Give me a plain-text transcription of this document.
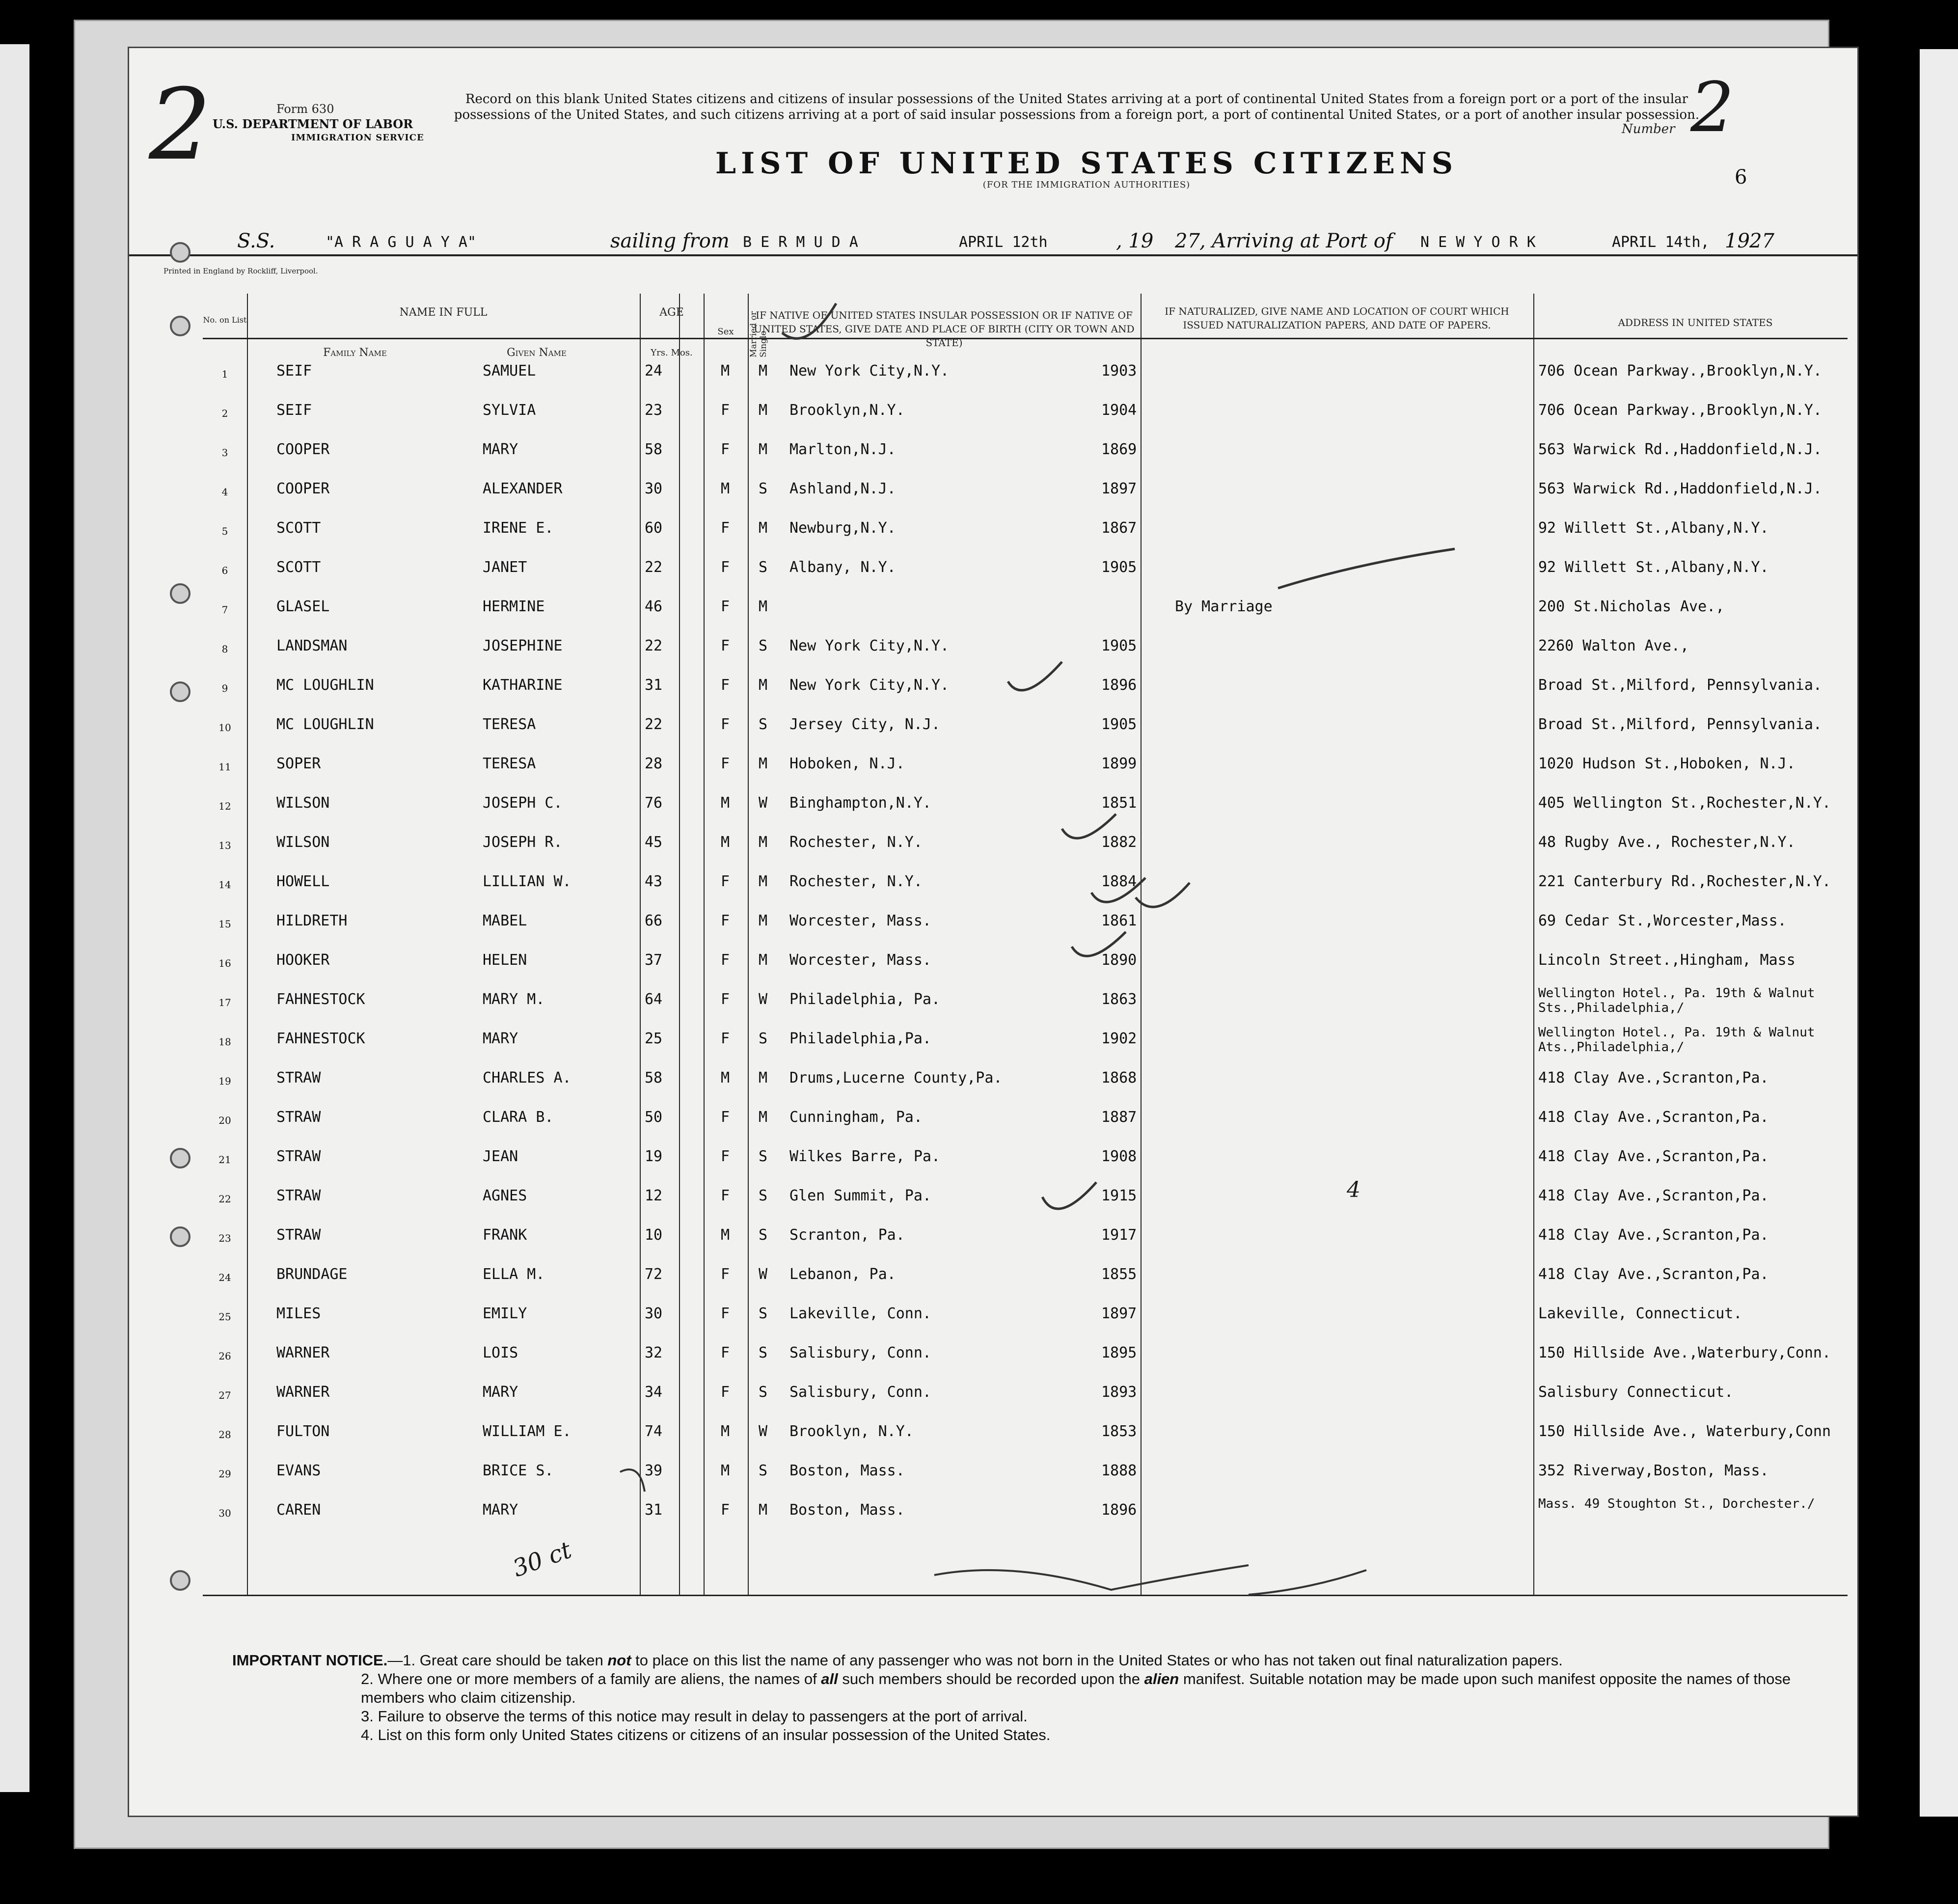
Form 630
U.S. DEPARTMENT OF LABOR
IMMIGRATION SERVICE
2	Record on this blank United States citizens and citizens of insular possessions of the United States arriving at a port of continental United States from a foreign port or a port of the insular possessions of the United States, and such citizens arriving at a port of said insular possessions from a foreign port, a port of continental United States, or a port of another insular possession.
LIST OF UNITED STATES CITIZENS
(FOR THE IMMIGRATION AUTHORITIES)
Number 2
6
S.S.	"A R A G U A Y A"	sailing from B E R M U D A	APRIL 12th	, 19 27 , Arriving at Port of N E W Y O R K	APRIL 14th, 19 27
Printed in England by Rockliff, Liverpool.
No. on List
NAME IN FULL
Family Name	Given Name
AGE
Yrs. Mos.
Sex	Married or Single
IF NATIVE OF UNITED STATES INSULAR POSSESSION OR IF NATIVE OF UNITED STATES, GIVE DATE AND PLACE OF BIRTH (CITY OR TOWN AND STATE)
IF NATURALIZED, GIVE NAME AND LOCATION OF COURT WHICH ISSUED NATURALIZATION PAPERS, AND DATE OF PAPERS.	ADDRESS IN UNITED STATES
1	SEIF	SAMUEL	24	M M New York City,N.Y.	1903	706 Ocean Parkway.,Brooklyn,N.Y.
2	SEIF	SYLVIA	23	F M Brooklyn,N.Y.	1904	706 Ocean Parkway.,Brooklyn,N.Y.
3	COOPER	MARY	58	F M Marlton,N.J.	1869	563 Warwick Rd.,Haddonfield,N.J.
4	COOPER	ALEXANDER	30	M S Ashland,N.J.	1897	563 Warwick Rd.,Haddonfield,N.J.
5	SCOTT	IRENE E.	60	F M Newburg,N.Y.	1867	92 Willett St.,Albany,N.Y.
6	SCOTT	JANET	22	F S Albany, N.Y.	1905	92 Willett St.,Albany,N.Y.
7	GLASEL	HERMINE	46	F M	By Marriage	200 St.Nicholas Ave.,
8	LANDSMAN	JOSEPHINE	22	F S New York City,N.Y.	1905	2260 Walton Ave.,
9	MC LOUGHLIN	KATHARINE	31	F M New York City,N.Y.	1896	Broad St.,Milford, Pennsylvania.
10	MC LOUGHLIN	TERESA	22	F S Jersey City, N.J.	1905	Broad St.,Milford, Pennsylvania.
11	SOPER	TERESA	28	F M Hoboken, N.J.	1899	1020 Hudson St.,Hoboken, N.J.
12	WILSON	JOSEPH C.	76	M W Binghampton,N.Y.	1851	405 Wellington St.,Rochester,N.Y.
13	WILSON	JOSEPH R.	45	M M Rochester, N.Y.	1882	48 Rugby Ave., Rochester,N.Y.
14	HOWELL	LILLIAN W.	43	F M Rochester, N.Y.	1884	221 Canterbury Rd.,Rochester,N.Y.
15	HILDRETH	MABEL	66	F M Worcester, Mass.	1861	69 Cedar St.,Worcester,Mass.
16	HOOKER	HELEN	37	F M Worcester, Mass.	1890	Lincoln Street.,Hingham, Mass
17	FAHNESTOCK	MARY M.	64	F W Philadelphia, Pa.	1863	Wellington Hotel., Pa. 19th & Walnut Sts.,Philadelphia,/
18	FAHNESTOCK	MARY	25	F S Philadelphia,Pa.	1902	Wellington Hotel., Pa. 19th & Walnut Ats.,Philadelphia,/
19	STRAW	CHARLES A.	58	M M Drums,Lucerne County,Pa.	1868	418 Clay Ave.,Scranton,Pa.
20	STRAW	CLARA B.	50	F M Cunningham, Pa.	1887	418 Clay Ave.,Scranton,Pa.
21	STRAW	JEAN	19	F S Wilkes Barre, Pa.	1908	418 Clay Ave.,Scranton,Pa.
22	STRAW	AGNES	12	F S Glen Summit, Pa.	1915	418 Clay Ave.,Scranton,Pa.
23	STRAW	FRANK	10	M S Scranton, Pa.	1917	418 Clay Ave.,Scranton,Pa.
24	BRUNDAGE	ELLA M.	72	F W Lebanon, Pa.	1855	418 Clay Ave.,Scranton,Pa.
25	MILES	EMILY	30	F S Lakeville, Conn.	1897	Lakeville, Connecticut.
26	WARNER	LOIS	32	F S Salisbury, Conn.	1895	150 Hillside Ave.,Waterbury,Conn.
27	WARNER	MARY	34	F S Salisbury, Conn.	1893	Salisbury Connecticut.
28	FULTON	WILLIAM E.	74	M W Brooklyn, N.Y.	1853	150 Hillside Ave., Waterbury,Conn
29	EVANS	BRICE S.	39	M S Boston, Mass.	1888	352 Riverway,Boston, Mass.
30	CAREN	MARY	31	F M Boston, Mass.	1896	Mass. 49 Stoughton St., Dorchester./
4
30 ct
IMPORTANT NOTICE.—1. Great care should be taken not to place on this list the name of any passenger who was not born in the United States or who has not taken out final naturalization papers.
2. Where one or more members of a family are aliens, the names of all such members should be recorded upon the alien manifest. Suitable notation may be made upon such manifest opposite the names of those members who claim citizenship.
3. Failure to observe the terms of this notice may result in delay to passengers at the port of arrival.
4. List on this form only United States citizens or citizens of an insular possession of the United States.
